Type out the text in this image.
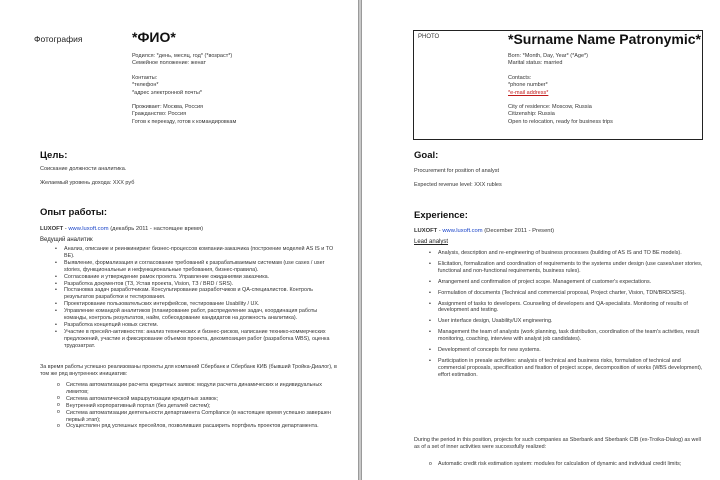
Фотография	*ФИО*
Родился: *день, месяц, год* (*возраст*)
Семейное положение: женат
Контакты:
*телефон*
*адрес электронной почты*
Проживает: Москва, Россия
Гражданство: Россия
Готов к переезду, готов к командировкам
Цель:
Соискание должности аналитика.
Желаемый уровень дохода: XXX руб
Опыт работы:
LUXOFT - www.luxoft.com (декабрь 2011 - настоящее время)
Ведущий аналитик
• Анализ, описание и реинжиниринг бизнес-процессов компании-заказчика (построение моделей AS IS и TO BE).
• Выявление, формализация и согласование требований к разрабатываемым системам (use cases / user stories, функциональные и нефункциональные требования, бизнес-правила).
• Согласование и утверждение рамок проекта. Управление ожиданиями заказчика.
• Разработка документов (ТЗ, Устав проекта, Vision, ТЗ / BRD / SRS).
• Постановка задач разработчикам. Консультирование разработчиков и QA-специалистов. Контроль результатов разработки и тестирования.
• Проектирование пользовательских интерфейсов, тестирование Usability / UX.
• Управление командой аналитиков (планирование работ, распределение задач, координация работы команды, контроль результатов, найм, собеседование кандидатов на должность аналитика).
• Разработка концепций новых систем.
• Участие в пресейл-активностях: анализ технических и бизнес-рисков, написание технико-коммерческих предложений, участие и фиксирование объемов проекта, декомпозиция работ (разработка WBS), оценка трудозатрат.
За время работы успешно реализованы проекты для компаний Сбербанк и Сбербанк КИБ (бывший Тройка-Диалог), в том же ряд внутренних инициатив:
o Система автоматизации расчета кредитных заявок: модули расчета динамических и индивидуальных лимитов;
o Система автоматической маршрутизации кредитных заявок;
o Внутренний корпоративный портал (без деталей систем);
o Система автоматизации деятельности департамента Compliance (в настоящее время успешно завершен первый этап);
o Осуществлен ряд успешных пресейлов, позволивших расширить портфель проектов департамента.
PHOTO	*Surname Name Patronymic*
Born: *Month, Day, Year* (*Age*)
Marital status: married
Contacts:
*phone number*
*e-mail address*
City of residence: Moscow, Russia
Citizenship: Russia
Open to relocation, ready for business trips
Goal:
Procurement for position of analyst
Expected revenue level: XXX rubles
Experience:
LUXOFT - www.luxoft.com (December 2011 - Present)
Lead analyst
• Analysis, description and re-engineering of business processes (building of AS IS and TO BE models).
• Elicitation, formalization and coordination of requirements to the systems under design (use cases/user stories, functional and non-functional requirements, business rules).
• Arrangement and confirmation of project scope. Management of customer's expectations.
• Formulation of documents (Technical and commercial proposal, Project charter, Vision, TDN/BRD/SRS).
• Assignment of tasks to developers. Counseling of developers and QA-specialists. Monitoring of results of development and testing.
• User interface design, Usability/UX engineering.
• Management the team of analysts (work planning, task distribution, coordination of the team's activities, result monitoring, coaching, interview with analyst job candidates).
• Development of concepts for new systems.
• Participation in presale activities: analysis of technical and business risks, formulation of technical and commercial proposals, specification and fixation of project scope, decomposition of works (WBS development), effort estimation.
During the period in this position, projects for such companies as Sberbank and Sberbank CIB (ex-Troika-Dialog) as well as of a set of inner activities were successfully realized:
o Automatic credit risk estimation system: modules for calculation of dynamic and individual credit limits;
